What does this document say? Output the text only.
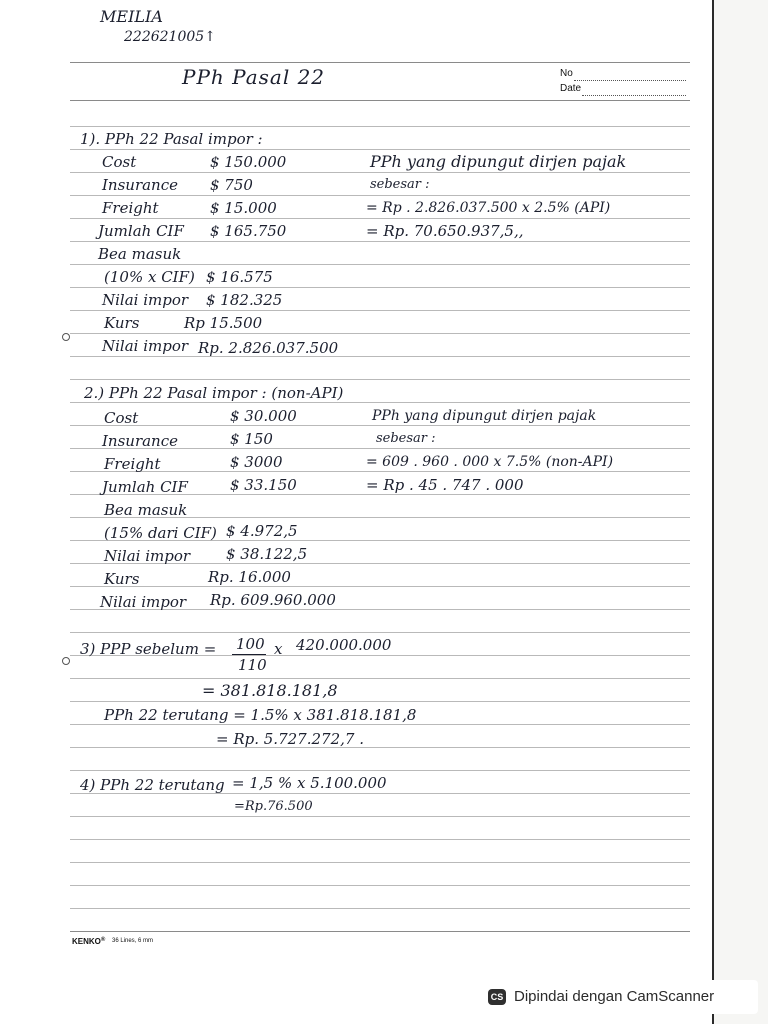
MEILIA
222621005↑
PPh Pasal 22	No
Date
1). PPh 22 Pasal impor :
Cost	$ 150.000
Insurance $ 750
Freight	$ 15.000
Jumlah CIF $ 165.750
Bea masuk
(10% x CIF) $ 16.575
Nilai impor $ 182.325
Kurs	Rp 15.500
Nilai impor Rp. 2.826.037.500
PPh yang dipungut dirjen pajak
sebesar :
= Rp . 2.826.037.500 x 2.5% (API)
= Rp. 70.650.937,5,,
2.) PPh 22 Pasal impor : (non-API)
Cost	$ 30.000
Insurance	$ 150
Freight	$ 3000
Jumlah CIF	$ 33.150
Bea masuk
(15% dari CIF) $ 4.972,5
Nilai impor $ 38.122,5
Kurs	Rp. 16.000
Nilai impor Rp. 609.960.000
PPh yang dipungut dirjen pajak
sebesar :
= 609 . 960 . 000 x 7.5% (non-API)
= Rp . 45 . 747 . 000
3) PPP sebelum = 100
110
x 420.000.000
= 381.818.181,8
PPh 22 terutang = 1.5% x 381.818.181,8
= Rp. 5.727.272,7 .
4) PPh 22 terutang = 1,5 % x 5.100.000
=Rp.76.500
KENKO® 36 Lines, 6 mm
CS Dipindai dengan CamScanner
